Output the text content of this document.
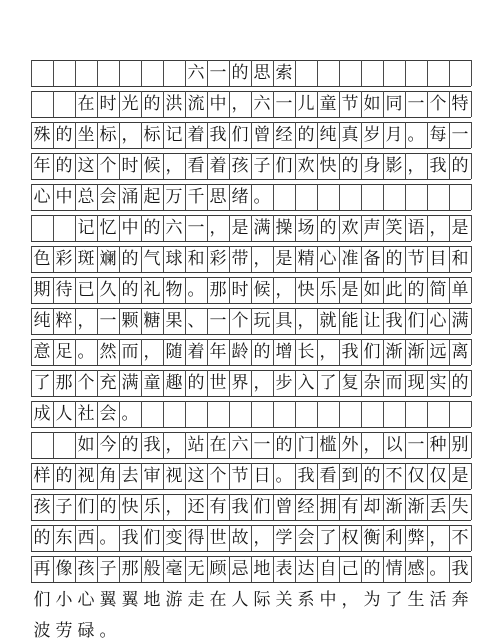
六 一 的 思 索
在 时 光 的 洪 流 中 ， 六 一 儿 童 节 如 同 一 个 特
殊 的 坐 标 ， 标 记 着 我 们 曾 经 的 纯 真 岁 月 。 每 一
年 的 这 个 时 候 ， 看 着 孩 子 们 欢 快 的 身 影 ， 我 的
心 中 总 会 涌 起 万 千 思 绪 。
记 忆 中 的 六 一 ， 是 满 操 场 的 欢 声 笑 语 ， 是
色 彩 斑 斓 的 气 球 和 彩 带 ， 是 精 心 准 备 的 节 目 和
期 待 已 久 的 礼 物 。 那 时 候 ， 快 乐 是 如 此 的 简 单
纯 粹 ， 一 颗 糖 果 、 一 个 玩 具 ， 就 能 让 我 们 心 满
意 足 。 然 而 ， 随 着 年 龄 的 增 长 ， 我 们 渐 渐 远 离
了 那 个 充 满 童 趣 的 世 界 ， 步 入 了 复 杂 而 现 实 的
成 人 社 会 。
如 今 的 我 ， 站 在 六 一 的 门 槛 外 ， 以 一 种 别
样 的 视 角 去 审 视 这 个 节 日 。 我 看 到 的 不 仅 仅 是
孩 子 们 的 快 乐 ， 还 有 我 们 曾 经 拥 有 却 渐 渐 丢 失
的 东 西 。 我 们 变 得 世 故 ， 学 会 了 权 衡 利 弊 ， 不
再 像 孩 子 那 般 毫 无 顾 忌 地 表 达 自 己 的 情 感 。 我
们 小 心 翼 翼 地 游 走 在 人 际 关 系 中 ， 为 了 生 活 奔
波 劳 碌 。
